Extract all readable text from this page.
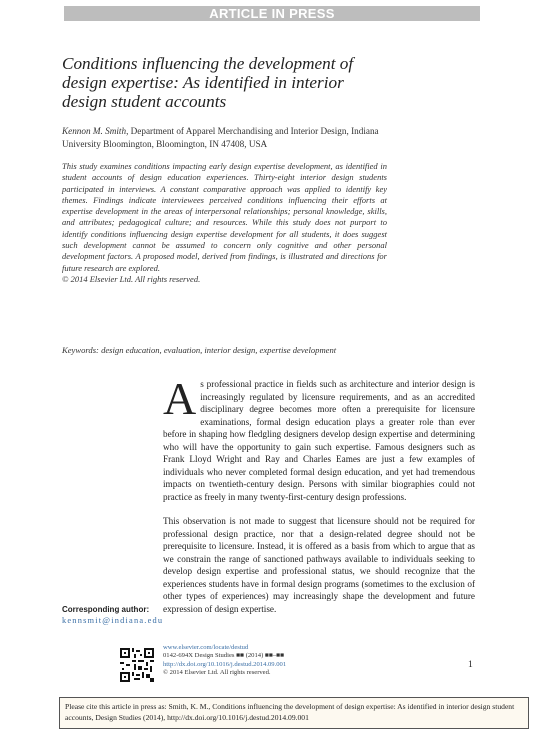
ARTICLE IN PRESS
Conditions influencing the development of design expertise: As identified in interior design student accounts
Kennon M. Smith, Department of Apparel Merchandising and Interior Design, Indiana University Bloomington, Bloomington, IN 47408, USA

This study examines conditions impacting early design expertise development, as identified in student accounts of design education experiences. Thirty-eight interior design students participated in interviews. A constant comparative approach was applied to identify key themes. Findings indicate interviewees perceived conditions influencing their efforts at expertise development in the areas of interpersonal relationships; personal knowledge, skills, and attributes; pedagogical culture; and resources. While this study does not purport to identify conditions influencing design expertise development for all students, it does suggest such development cannot be assumed to concern only cognitive and other personal development factors. A proposed model, derived from findings, is illustrated and directions for future research are explored.

© 2014 Elsevier Ltd. All rights reserved.

Keywords: design education, evaluation, interior design, expertise development

As professional practice in fields such as architecture and interior design is increasingly regulated by licensure requirements, and as an accredited disciplinary degree becomes more often a prerequisite for licensure examinations, formal design education plays a greater role than ever before in shaping how fledgling designers develop design expertise and determining who will have the opportunity to gain such expertise. Famous designers such as Frank Lloyd Wright and Ray and Charles Eames are just a few examples of individuals who never completed formal design education, and yet had tremendous impacts on twentieth-century design. Persons with similar biographies could not practice as freely in many twenty-first-century design professions.

This observation is not made to suggest that licensure should not be required for professional design practice, nor that a design-related degree should not be prerequisite to licensure. Instead, it is offered as a basis from which to argue that as we constrain the range of sanctioned pathways available to individuals seeking to develop design expertise and professional status, we should recognize that the experiences students have in formal design programs (sometimes to the exclusion of other types of experiences) may increasingly shape the development and future expression of design expertise.

Corresponding author:
kennsmit@indiana.edu
www.elsevier.com/locate/destud
0142-694X Design Studies ■■ (2014) ■■–■■
http://dx.doi.org/10.1016/j.destud.2014.09.001
© 2014 Elsevier Ltd. All rights reserved.
1
Please cite this article in press as: Smith, K. M., Conditions influencing the development of design expertise: As identified in interior design student accounts, Design Studies (2014), http://dx.doi.org/10.1016/j.destud.2014.09.001
